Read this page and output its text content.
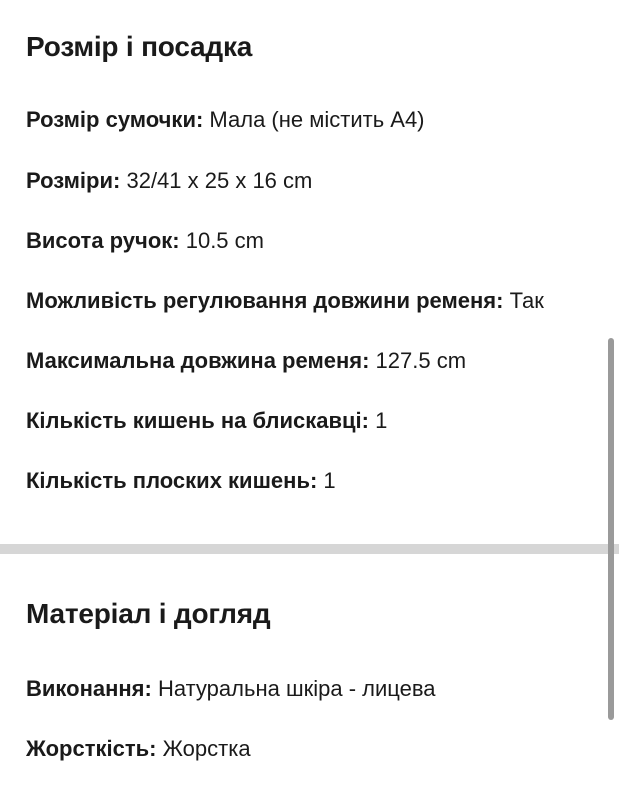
Розмір і посадка
Розмір сумочки: Мала (не містить А4)
Розміри: 32/41 x 25 x 16 cm
Висота ручок: 10.5 cm
Можливість регулювання довжини ременя: Так
Максимальна довжина ременя: 127.5 cm
Кількість кишень на блискавці: 1
Кількість плоских кишень: 1
Матеріал і догляд
Виконання: Натуральна шкіра - лицева
Жорсткість: Жорстка
